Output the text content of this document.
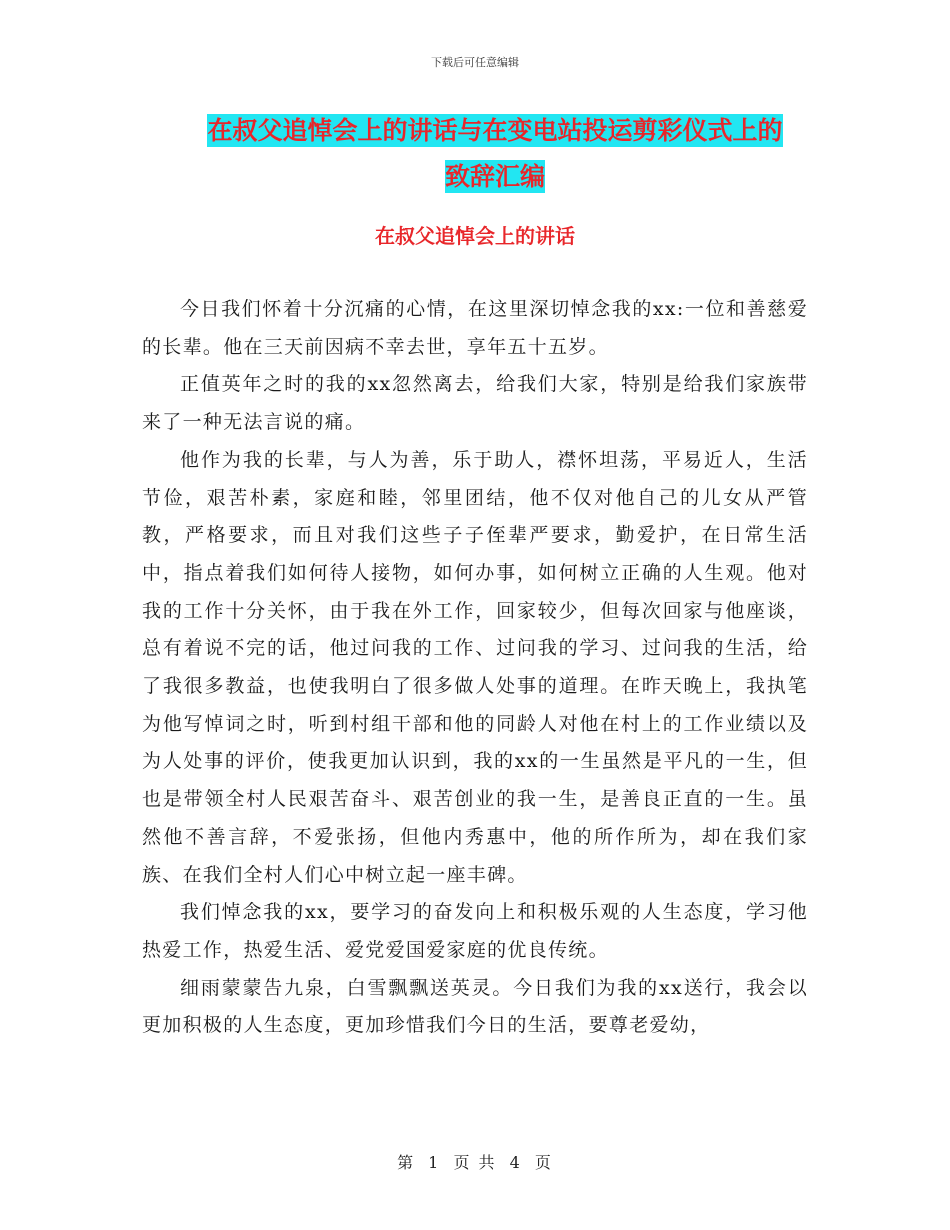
下载后可任意编辑
在叔父追悼会上的讲话与在变电站投运剪彩仪式上的
致辞汇编
在叔父追悼会上的讲话

今日我们怀着十分沉痛的心情，在这里深切悼念我的xx:一位和善慈爱的长辈。他在三天前因病不幸去世，享年五十五岁。

正值英年之时的我的xx忽然离去，给我们大家，特别是给我们家族带来了一种无法言说的痛。

他作为我的长辈，与人为善，乐于助人，襟怀坦荡，平易近人，生活节俭，艰苦朴素，家庭和睦，邻里团结，他不仅对他自己的儿女从严管教，严格要求，而且对我们这些子子侄辈严要求，勤爱护，在日常生活中，指点着我们如何待人接物，如何办事，如何树立正确的人生观。他对我的工作十分关怀，由于我在外工作，回家较少，但每次回家与他座谈，总有着说不完的话，他过问我的工作、过问我的学习、过问我的生活，给了我很多教益，也使我明白了很多做人处事的道理。在昨天晚上，我执笔为他写悼词之时，听到村组干部和他的同龄人对他在村上的工作业绩以及为人处事的评价，使我更加认识到，我的xx的一生虽然是平凡的一生，但也是带领全村人民艰苦奋斗、艰苦创业的我一生，是善良正直的一生。虽然他不善言辞，不爱张扬，但他内秀惠中，他的所作所为，却在我们家族、在我们全村人们心中树立起一座丰碑。

我们悼念我的xx，要学习的奋发向上和积极乐观的人生态度，学习他热爱工作，热爱生活、爱党爱国爱家庭的优良传统。

细雨蒙蒙告九泉，白雪飘飘送英灵。今日我们为我的xx送行，我会以更加积极的人生态度，更加珍惜我们今日的生活，要尊老爱幼，

第 1 页 共 4 页
